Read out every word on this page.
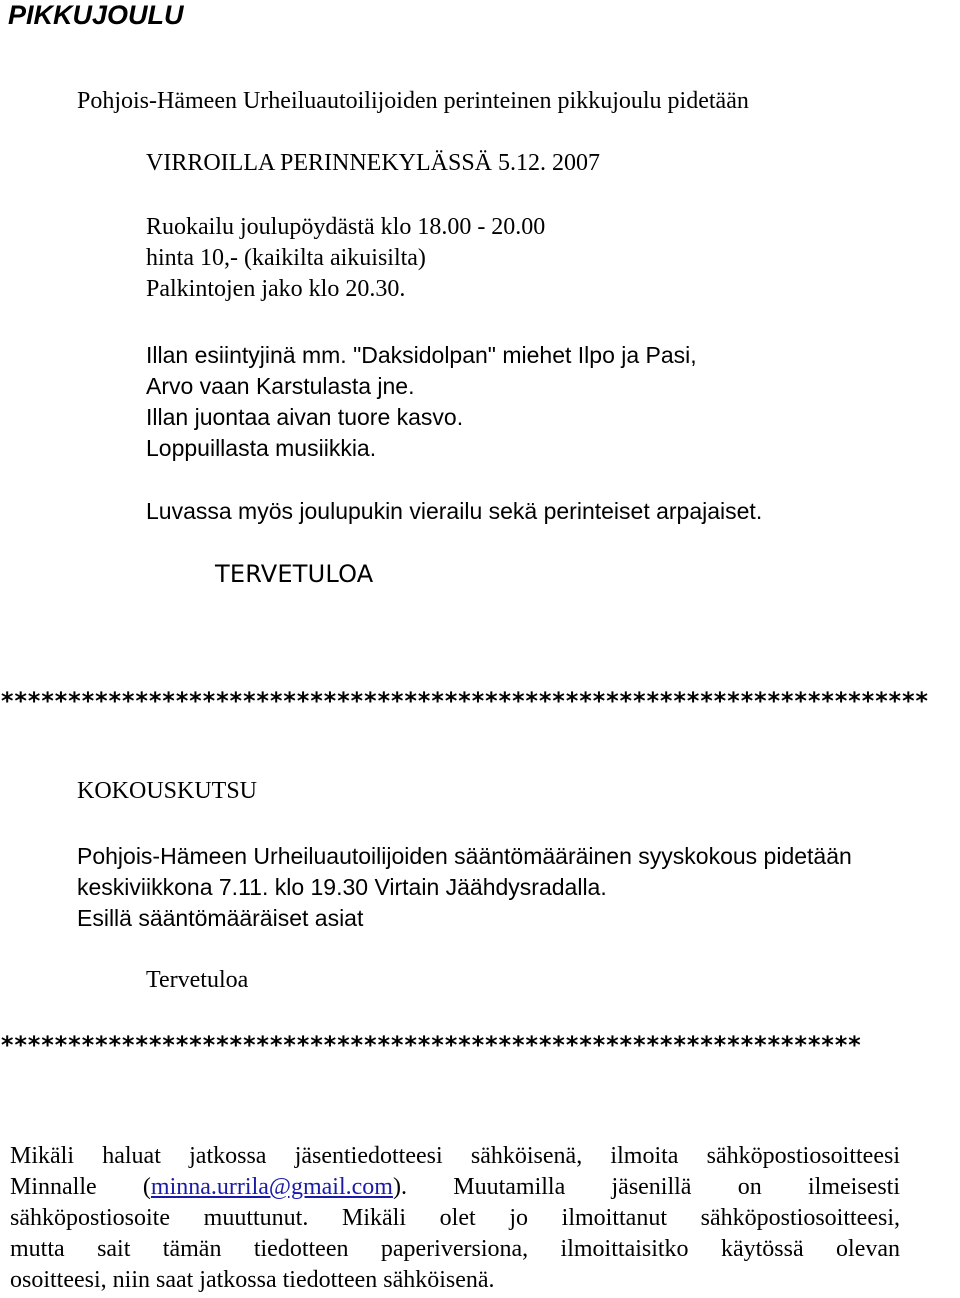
PIKKUJOULU

Pohjois-Hämeen Urheiluautoilijoiden perinteinen pikkujoulu pidetään

VIRROILLA PERINNEKYLÄSSÄ 5.12. 2007

Ruokailu joulupöydästä klo 18.00 - 20.00
hinta 10,- (kaikilta aikuisilta)
Palkintojen jako klo 20.30.
Illan esiintyjinä mm. "Daksidolpan" miehet Ilpo ja Pasi,
Arvo vaan Karstulasta jne.
Illan juontaa aivan tuore kasvo.
Loppuillasta musiikkia.

Luvassa myös joulupukin vierailu sekä perinteiset arpajaiset.

TERVETULOA

*********************************************************************

KOKOUSKUTSU

Pohjois-Hämeen Urheiluautoilijoiden sääntömääräinen syyskokous pidetään
keskiviikkona 7.11. klo 19.30 Virtain Jäähdysradalla.
Esillä sääntömääräiset asiat

Tervetuloa

****************************************************************

Mikäli haluat jatkossa jäsentiedotteesi sähköisenä, ilmoita sähköpostiosoitteesi
Minnalle (minna.urrila@gmail.com). Muutamilla jäsenillä on ilmeisesti
sähköpostiosoite muuttunut. Mikäli olet jo ilmoittanut sähköpostiosoitteesi,
mutta sait tämän tiedotteen paperiversiona, ilmoittaisitko käytössä olevan
osoitteesi, niin saat jatkossa tiedotteen sähköisenä.
